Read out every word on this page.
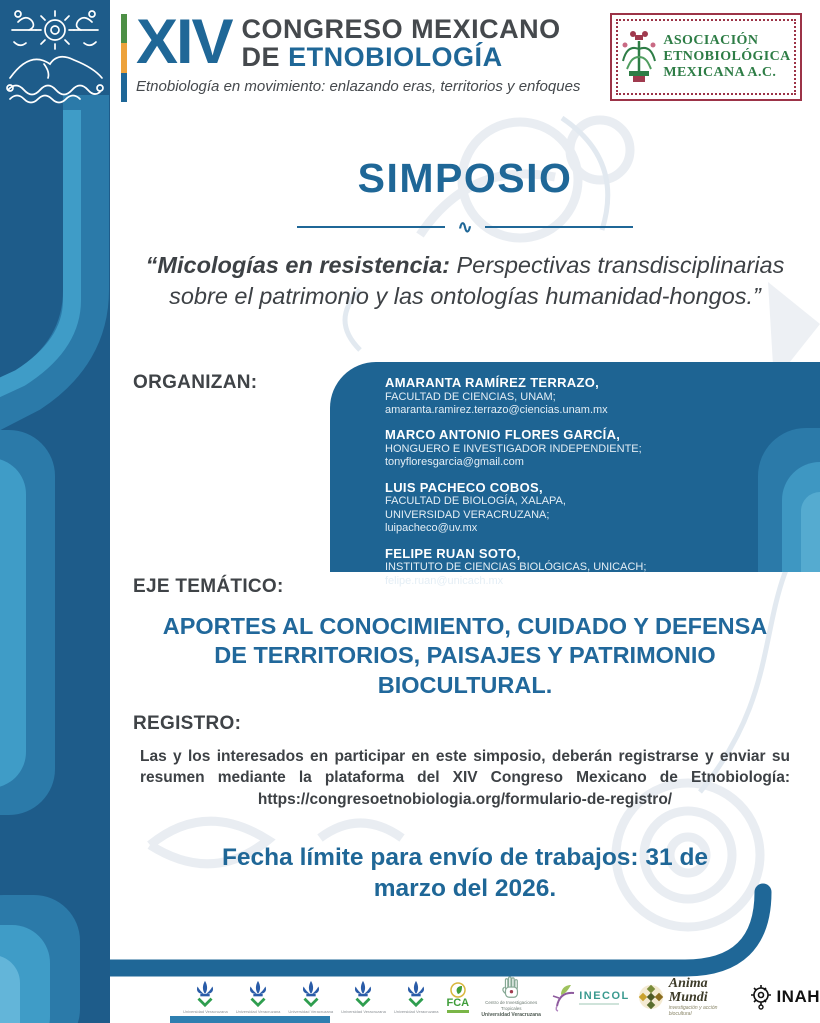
XIV CONGRESO MEXICANO
DE ETNOBIOLOGÍA
Etnobiología en movimiento: enlazando eras, territorios y enfoques
ASOCIACIÓN
ETNOBIOLÓGICA
MEXICANA A.C.
SIMPOSIO
∿
“Micologías en resistencia: Perspectivas transdisciplinarias sobre el patrimonio y las ontologías humanidad-hongos.”
ORGANIZAN:	AMARANTA RAMÍREZ TERRAZO,
FACULTAD DE CIENCIAS, UNAM;
amaranta.ramirez.terrazo@ciencias.unam.mx
MARCO ANTONIO FLORES GARCÍA,
HONGUERO E INVESTIGADOR INDEPENDIENTE;
tonyfloresgarcia@gmail.com
LUIS PACHECO COBOS,
FACULTAD DE BIOLOGÍA, XALAPA,
UNIVERSIDAD VERACRUZANA;
luipacheco@uv.mx
FELIPE RUAN SOTO,
INSTITUTO DE CIENCIAS BIOLÓGICAS, UNICACH;
felipe.ruan@unicach.mx
EJE TEMÁTICO:
APORTES AL CONOCIMIENTO, CUIDADO Y DEFENSA DE TERRITORIOS, PAISAJES Y PATRIMONIO BIOCULTURAL.
REGISTRO:
Las y los interesados en participar en este simposio, deberán registrarse y enviar su resumen mediante la plataforma del XIV Congreso Mexicano de Etnobiología: https://congresoetnobiologia.org/formulario-de-registro/
Fecha límite para envío de trabajos: 31 de marzo del 2026.
Universidad Veracruzana Universidad Veracruzana Universidad Veracruzana Universidad Veracruzana Universidad Veracruzana
FCA	Centro de Investigaciones Tropicales
Universidad Veracruzana
INECOL
Anima Mundi
investigación y acción biocultural
INAH
